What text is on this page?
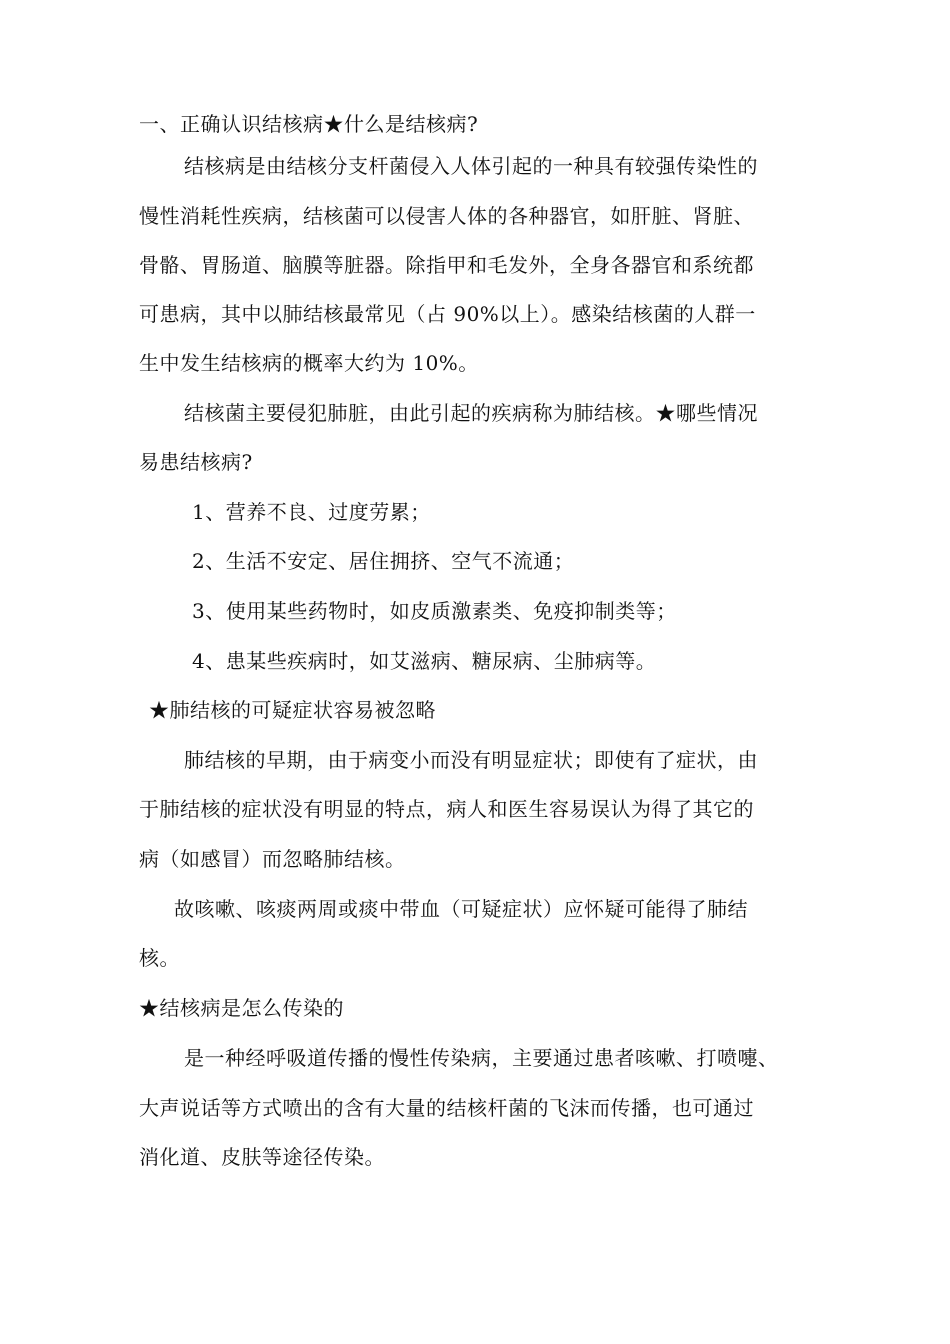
一、正确认识结核病★什么是结核病?
结核病是由结核分支杆菌侵入人体引起的一种具有较强传染性的
慢性消耗性疾病，结核菌可以侵害人体的各种器官，如肝脏、肾脏、
骨骼、胃肠道、脑膜等脏器。除指甲和毛发外，全身各器官和系统都
可患病，其中以肺结核最常见（占 90%以上）。感染结核菌的人群一
生中发生结核病的概率大约为 10%。
结核菌主要侵犯肺脏，由此引起的疾病称为肺结核。★哪些情况
易患结核病?
1、营养不良、过度劳累；
2、生活不安定、居住拥挤、空气不流通；
3、使用某些药物时，如皮质激素类、免疫抑制类等；
4、患某些疾病时，如艾滋病、糖尿病、尘肺病等。
★肺结核的可疑症状容易被忽略
肺结核的早期，由于病变小而没有明显症状；即使有了症状，由
于肺结核的症状没有明显的特点，病人和医生容易误认为得了其它的
病（如感冒）而忽略肺结核。
故咳嗽、咳痰两周或痰中带血（可疑症状）应怀疑可能得了肺结
核。
★结核病是怎么传染的
是一种经呼吸道传播的慢性传染病，主要通过患者咳嗽、打喷嚏、
大声说话等方式喷出的含有大量的结核杆菌的飞沫而传播，也可通过
消化道、皮肤等途径传染。
